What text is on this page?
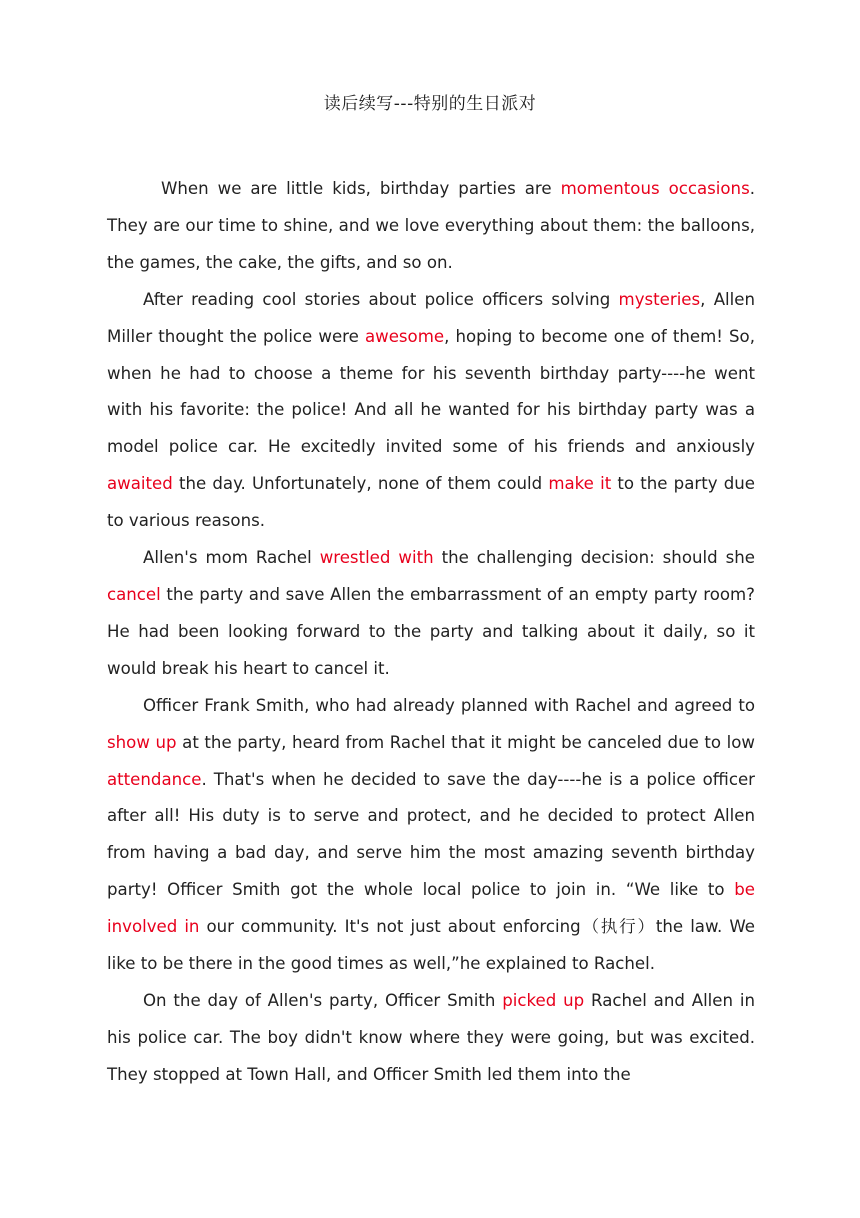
读后续写---特别的生日派对

When we are little kids, birthday parties are momentous occasions. They are our time to shine, and we love everything about them: the balloons, the games, the cake, the gifts, and so on.

After reading cool stories about police officers solving mysteries, Allen Miller thought the police were awesome, hoping to become one of them! So, when he had to choose a theme for his seventh birthday party----he went with his favorite: the police! And all he wanted for his birthday party was a model police car. He excitedly invited some of his friends and anxiously awaited the day. Unfortunately, none of them could make it to the party due to various reasons.

Allen's mom Rachel wrestled with the challenging decision: should she cancel the party and save Allen the embarrassment of an empty party room? He had been looking forward to the party and talking about it daily, so it would break his heart to cancel it.

Officer Frank Smith, who had already planned with Rachel and agreed to show up at the party, heard from Rachel that it might be canceled due to low attendance. That's when he decided to save the day----he is a police officer after all! His duty is to serve and protect, and he decided to protect Allen from having a bad day, and serve him the most amazing seventh birthday party! Officer Smith got the whole local police to join in. “We like to be involved in our community. It's not just about enforcing（执行）the law. We like to be there in the good times as well,”he explained to Rachel.

On the day of Allen's party, Officer Smith picked up Rachel and Allen in his police car. The boy didn't know where they were going, but was excited. They stopped at Town Hall, and Officer Smith led them into the
